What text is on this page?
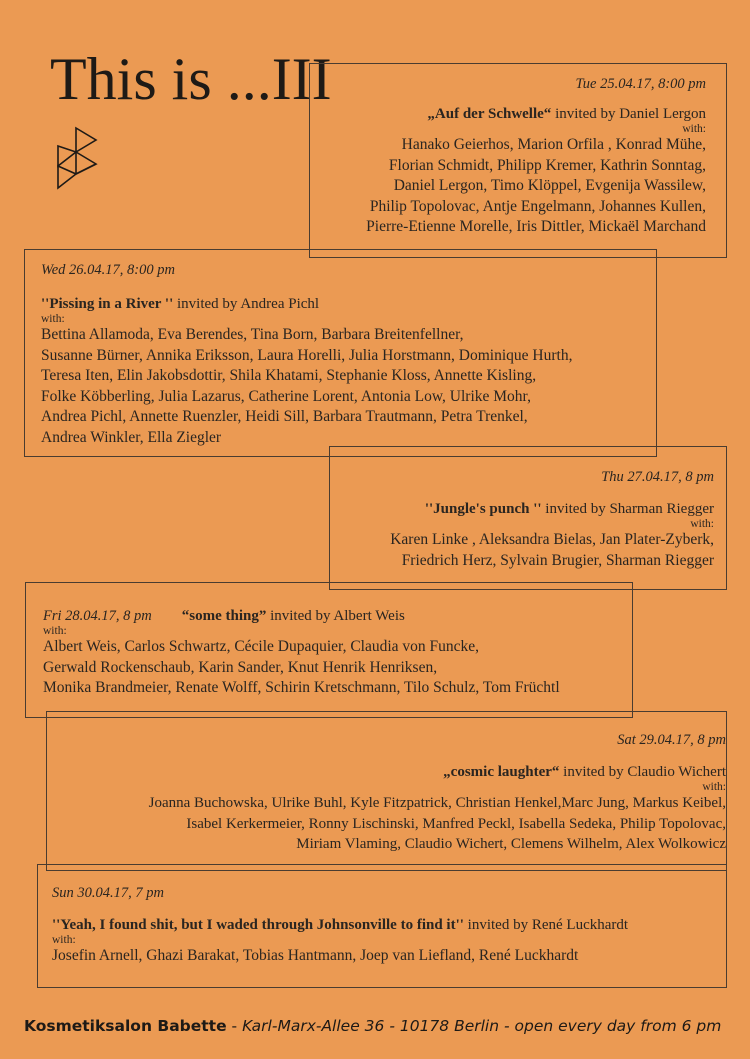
This is ...III	Tue 25.04.17, 8:00 pm
„Auf der Schwelle“ invited by Daniel Lergon
with:
Hanako Geierhos, Marion Orfila , Konrad Mühe,
Florian Schmidt, Philipp Kremer, Kathrin Sonntag,
Daniel Lergon, Timo Klöppel, Evgenija Wassilew,
Philip Topolovac, Antje Engelmann, Johannes Kullen,
Pierre-Etienne Morelle, Iris Dittler, Mickaël Marchand
Wed 26.04.17, 8:00 pm
''Pissing in a River '' invited by Andrea Pichl
with:
Bettina Allamoda, Eva Berendes, Tina Born, Barbara Breitenfellner,
Susanne Bürner, Annika Eriksson, Laura Horelli, Julia Horstmann, Dominique Hurth,
Teresa Iten, Elin Jakobsdottir, Shila Khatami, Stephanie Kloss, Annette Kisling,
Folke Köbberling, Julia Lazarus, Catherine Lorent, Antonia Low, Ulrike Mohr,
Andrea Pichl, Annette Ruenzler, Heidi Sill, Barbara Trautmann, Petra Trenkel,
Andrea Winkler, Ella Ziegler
Thu 27.04.17, 8 pm
''Jungle's punch '' invited by Sharman Riegger
with:
Karen Linke , Aleksandra Bielas, Jan Plater-Zyberk,
Friedrich Herz, Sylvain Brugier, Sharman Riegger
Fri 28.04.17, 8 pm “some thing” invited by Albert Weis
with:
Albert Weis, Carlos Schwartz, Cécile Dupaquier, Claudia von Funcke,
Gerwald Rockenschaub, Karin Sander, Knut Henrik Henriksen,
Monika Brandmeier, Renate Wolff, Schirin Kretschmann, Tilo Schulz, Tom Früchtl
Sat 29.04.17, 8 pm
„cosmic laughter“ invited by Claudio Wichert
with:
Joanna Buchowska, Ulrike Buhl, Kyle Fitzpatrick, Christian Henkel,Marc Jung, Markus Keibel,
Isabel Kerkermeier, Ronny Lischinski, Manfred Peckl, Isabella Sedeka, Philip Topolovac,
Miriam Vlaming, Claudio Wichert, Clemens Wilhelm, Alex Wolkowicz
Sun 30.04.17, 7 pm
''Yeah, I found shit, but I waded through Johnsonville to find it'' invited by René Luckhardt
with:
Josefin Arnell, Ghazi Barakat, Tobias Hantmann, Joep van Liefland, René Luckhardt
Kosmetiksalon Babette - Karl-Marx-Allee 36 - 10178 Berlin - open every day from 6 pm
